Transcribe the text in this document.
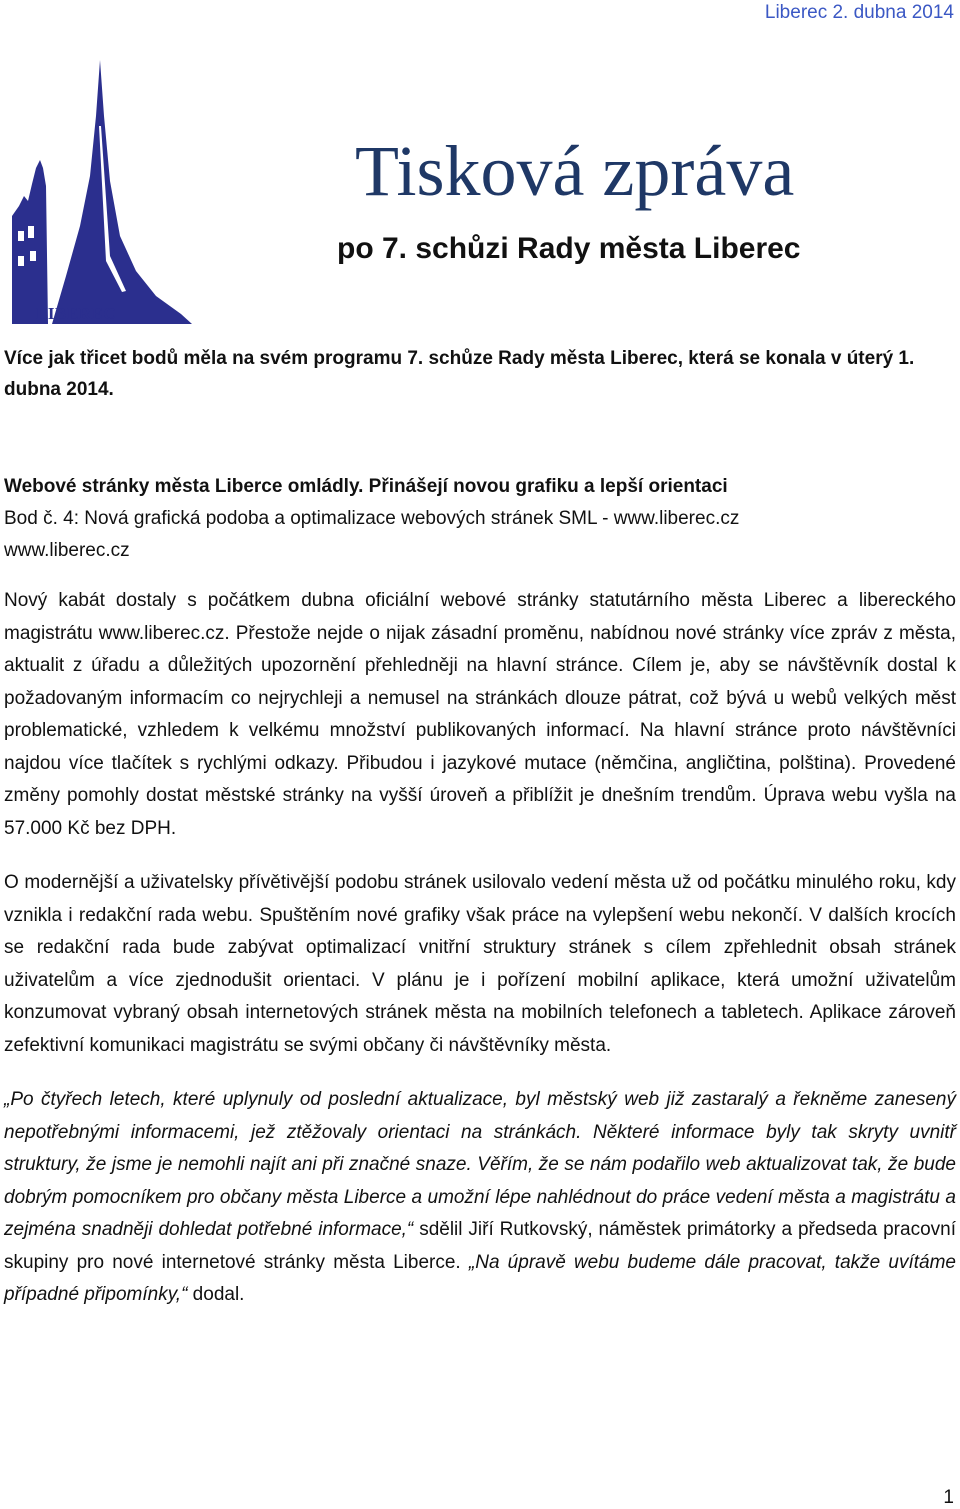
Liberec 2. dubna 2014
LIBEREC
Tisková zpráva
po 7. schůzi Rady města Liberec

Více jak třicet bodů měla na svém programu 7. schůze Rady města Liberec, která se konala v úterý 1. dubna 2014.

Webové stránky města Liberce omládly. Přinášejí novou grafiku a lepší orientaci

Bod č. 4: Nová grafická podoba a optimalizace webových stránek SML - www.liberec.cz

www.liberec.cz

Nový kabát dostaly s počátkem dubna oficiální webové stránky statutárního města Liberec a libereckého magistrátu www.liberec.cz. Přestože nejde o nijak zásadní proměnu, nabídnou nové stránky více zpráv z města, aktualit z úřadu a důležitých upozornění přehledněji na hlavní stránce. Cílem je, aby se návštěvník dostal k požadovaným informacím co nejrychleji a nemusel na stránkách dlouze pátrat, což bývá u webů velkých měst problematické, vzhledem k velkému množství publikovaných informací. Na hlavní stránce proto návštěvníci najdou více tlačítek s rychlými odkazy. Přibudou i jazykové mutace (němčina, angličtina, polština). Provedené změny pomohly dostat městské stránky na vyšší úroveň a přiblížit je dnešním trendům. Úprava webu vyšla na 57.000 Kč bez DPH.

O modernější a uživatelsky přívětivější podobu stránek usilovalo vedení města už od počátku minulého roku, kdy vznikla i redakční rada webu. Spuštěním nové grafiky však práce na vylepšení webu nekončí. V dalších krocích se redakční rada bude zabývat optimalizací vnitřní struktury stránek s cílem zpřehlednit obsah stránek uživatelům a více zjednodušit orientaci. V plánu je i pořízení mobilní aplikace, která umožní uživatelům konzumovat vybraný obsah internetových stránek města na mobilních telefonech a tabletech. Aplikace zároveň zefektivní komunikaci magistrátu se svými občany či návštěvníky města.

„Po čtyřech letech, které uplynuly od poslední aktualizace, byl městský web již zastaralý a řekněme zanesený nepotřebnými informacemi, jež ztěžovaly orientaci na stránkách. Některé informace byly tak skryty uvnitř struktury, že jsme je nemohli najít ani při značné snaze. Věřím, že se nám podařilo web aktualizovat tak, že bude dobrým pomocníkem pro občany města Liberce a umožní lépe nahlédnout do práce vedení města a magistrátu a zejména snadněji dohledat potřebné informace,“ sdělil Jiří Rutkovský, náměstek primátorky a předseda pracovní skupiny pro nové internetové stránky města Liberce. „Na úpravě webu budeme dále pracovat, takže uvítáme případné připomínky,“ dodal.

1
